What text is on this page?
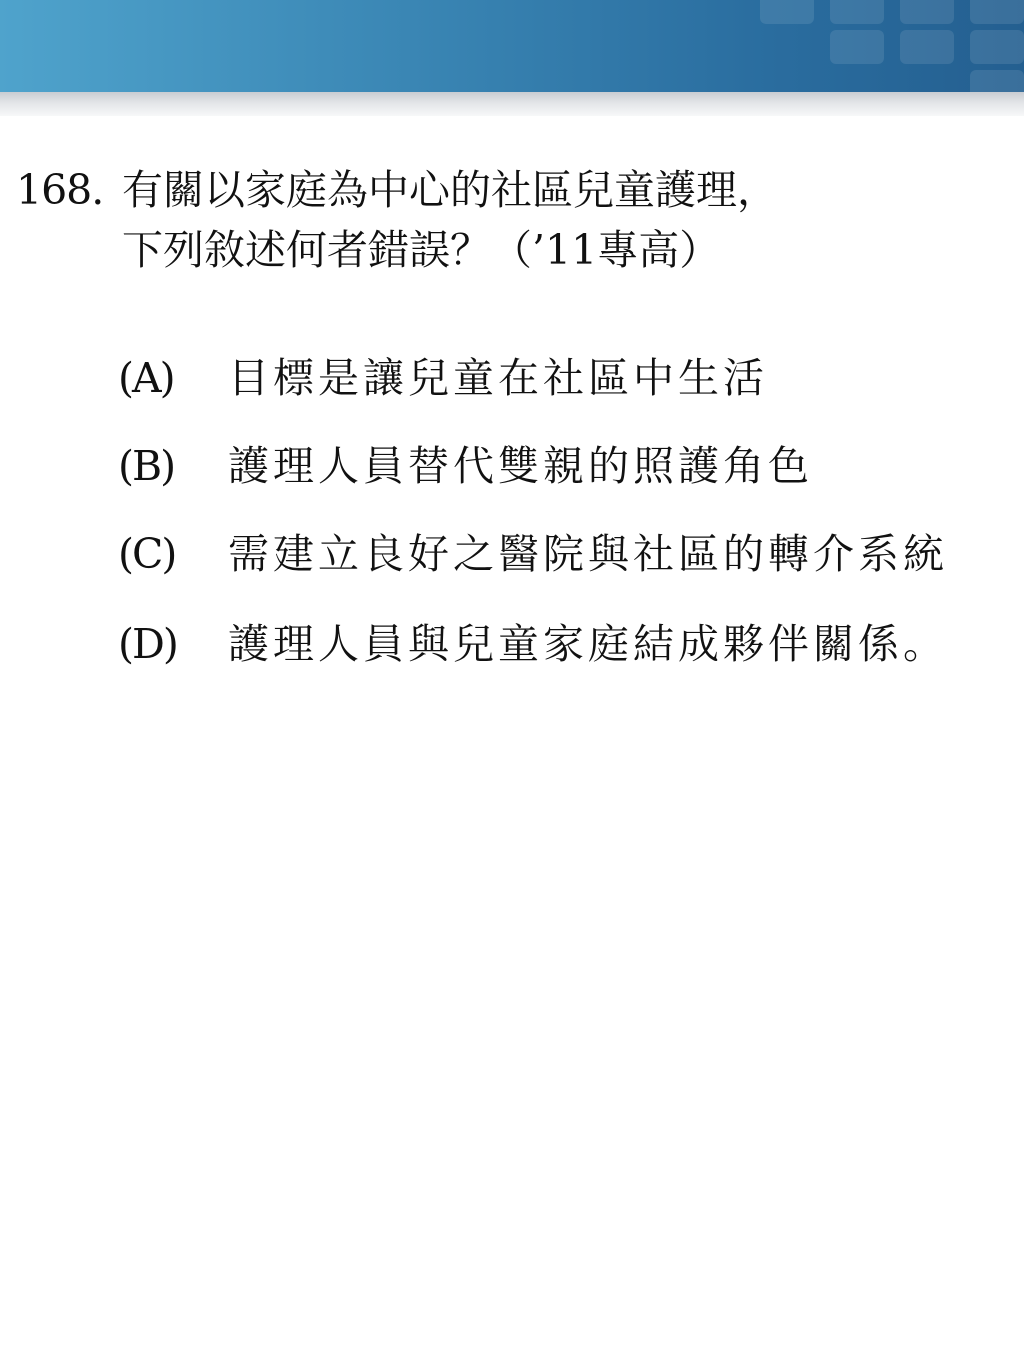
168. 有關以家庭為中心的社區兒童護理，
下列敘述何者錯誤？（’11專高）
(A)	目標是讓兒童在社區中生活
(B)	護理人員替代雙親的照護角色
(C)	需建立良好之醫院與社區的轉介系統
(D)	護理人員與兒童家庭結成夥伴關係。
